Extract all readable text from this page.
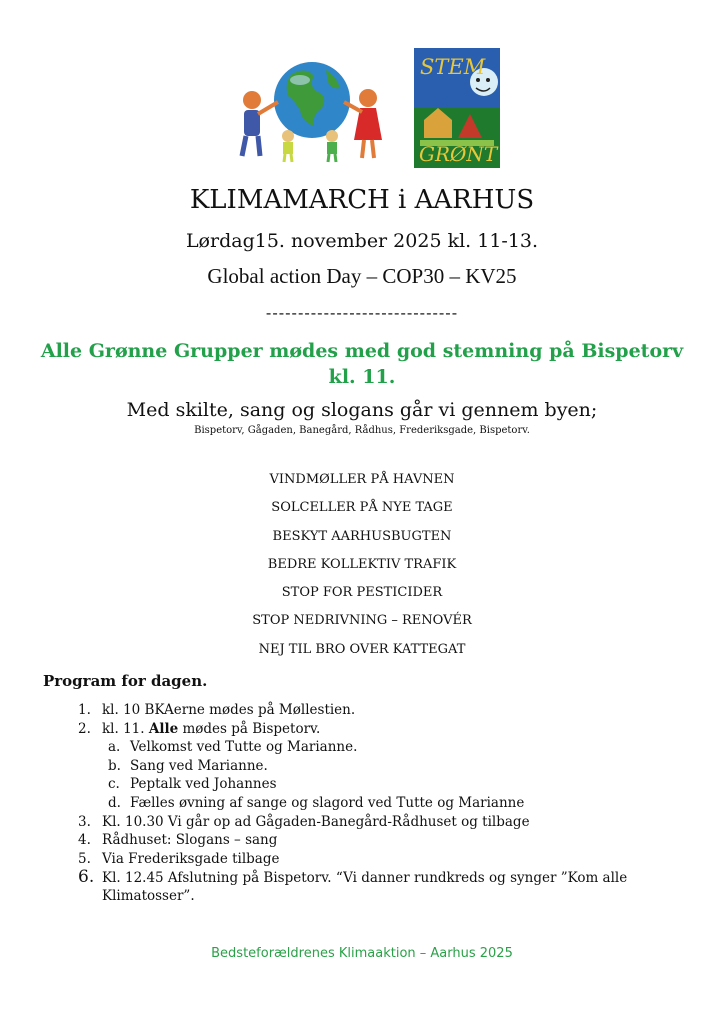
STEM
GRØNT
KLIMAMARCH i AARHUS
Lørdag15. november 2025 kl. 11-13.
Global action Day – COP30 – KV25
------------------------------
Alle Grønne Grupper mødes med god stemning på Bispetorv
kl. 11.
Med skilte, sang og slogans går vi gennem byen;
Bispetorv, Gågaden, Banegård, Rådhus, Frederiksgade, Bispetorv.
VINDMØLLER PÅ HAVNEN
SOLCELLER PÅ NYE TAGE
BESKYT AARHUSBUGTEN
BEDRE KOLLEKTIV TRAFIK
STOP FOR PESTICIDER
STOP NEDRIVNING – RENOVÉR
NEJ TIL BRO OVER KATTEGAT
Program for dagen.
1. kl. 10 BKAerne mødes på Møllestien.
2. kl. 11. Alle mødes på Bispetorv.
a. Velkomst ved Tutte og Marianne.
b. Sang ved Marianne.
c. Peptalk ved Johannes
d. Fælles øvning af sange og slagord ved Tutte og Marianne
3. Kl. 10.30 Vi går op ad Gågaden-Banegård-Rådhuset og tilbage
4. Rådhuset: Slogans – sang
5. Via Frederiksgade tilbage
6. Kl. 12.45 Afslutning på Bispetorv. “Vi danner rundkreds og synger ”Kom alle
Klimatosser”.
Bedsteforældrenes Klimaaktion – Aarhus 2025
